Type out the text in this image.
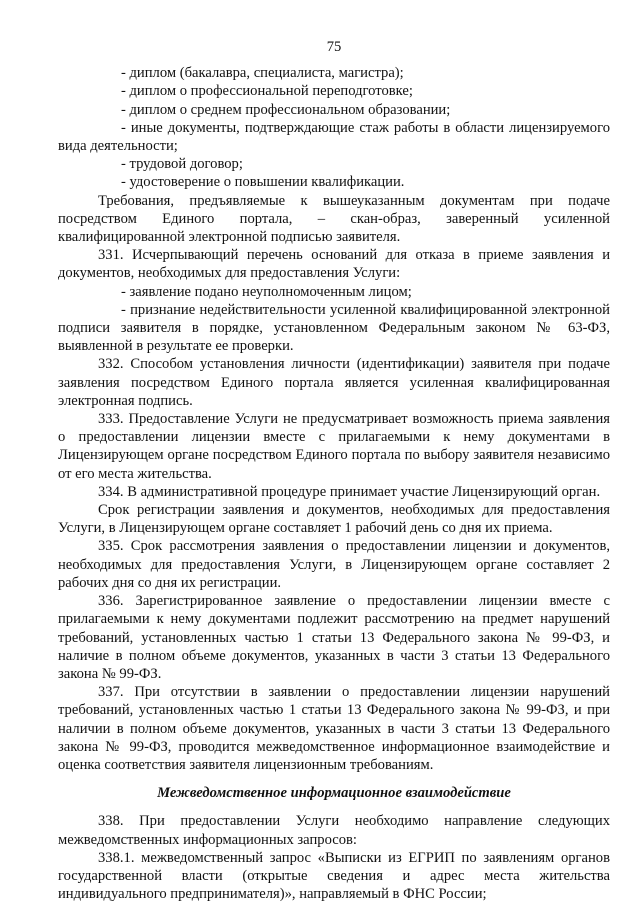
75
- диплом (бакалавра, специалиста, магистра);
- диплом о профессиональной переподготовке;
- диплом о среднем профессиональном образовании;
- иные документы, подтверждающие стаж работы в области лицензируемого вида деятельности;
- трудовой договор;
- удостоверение о повышении квалификации.
Требования, предъявляемые к вышеуказанным документам при подаче посредством Единого портала, – скан-образ, заверенный усиленной квалифицированной электронной подписью заявителя.
331. Исчерпывающий перечень оснований для отказа в приеме заявления и документов, необходимых для предоставления Услуги:
- заявление подано неуполномоченным лицом;
- признание недействительности усиленной квалифицированной электронной подписи заявителя в порядке, установленном Федеральным законом № 63-ФЗ, выявленной в результате ее проверки.
332. Способом установления личности (идентификации) заявителя при подаче заявления посредством Единого портала является усиленная квалифицированная электронная подпись.
333. Предоставление Услуги не предусматривает возможность приема заявления о предоставлении лицензии вместе с прилагаемыми к нему документами в Лицензирующем органе посредством Единого портала по выбору заявителя независимо от его места жительства.
334. В административной процедуре принимает участие Лицензирующий орган.
Срок регистрации заявления и документов, необходимых для предоставления Услуги, в Лицензирующем органе составляет 1 рабочий день со дня их приема.
335. Срок рассмотрения заявления о предоставлении лицензии и документов, необходимых для предоставления Услуги, в Лицензирующем органе составляет 2 рабочих дня со дня их регистрации.
336. Зарегистрированное заявление о предоставлении лицензии вместе с прилагаемыми к нему документами подлежит рассмотрению на предмет нарушений требований, установленных частью 1 статьи 13 Федерального закона № 99-ФЗ, и наличие в полном объеме документов, указанных в части 3 статьи 13 Федерального закона № 99-ФЗ.
337. При отсутствии в заявлении о предоставлении лицензии нарушений требований, установленных частью 1 статьи 13 Федерального закона № 99-ФЗ, и при наличии в полном объеме документов, указанных в части 3 статьи 13 Федерального закона № 99-ФЗ, проводится межведомственное информационное взаимодействие и оценка соответствия заявителя лицензионным требованиям.
Межведомственное информационное взаимодействие
338. При предоставлении Услуги необходимо направление следующих межведомственных информационных запросов:
338.1. межведомственный запрос «Выписки из ЕГРИП по заявлениям органов государственной власти (открытые сведения и адрес места жительства индивидуального предпринимателя)», направляемый в ФНС России;
